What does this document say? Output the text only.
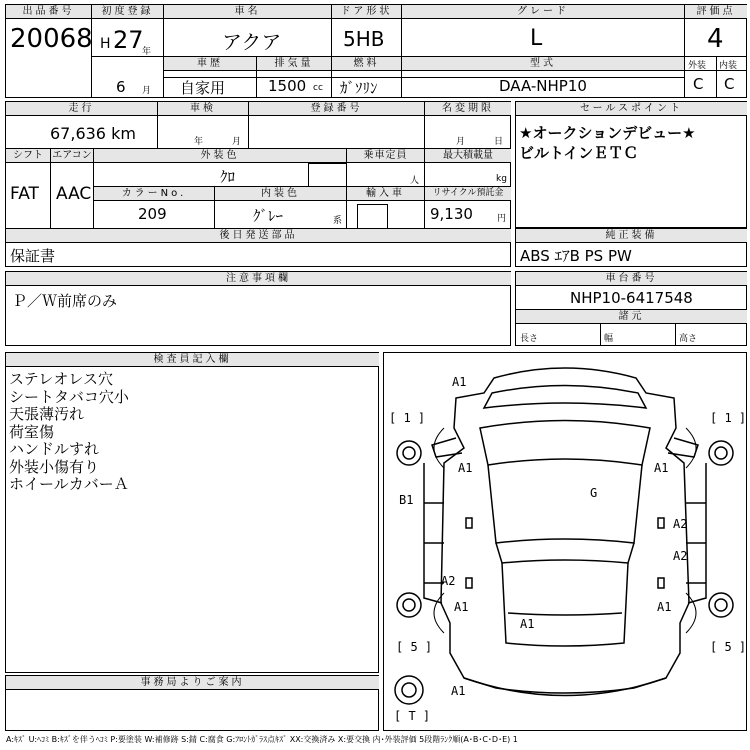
出品番号
20068
初度登録
H 27
年
6 月
車名
アクア
車歴
自家用
排気量
1500 cc
ドア形状
5HB
燃料
ｶﾞｿﾘﾝ
グレード
L
型式
DAA-NHP10
評価点
4
外装 内装
C C
走行
67,636 km
車検
年	月
登録番号	名変期限
月	日
シフト
FAT
エアコン
AAC
外装色
ｸﾛ
乗車定員
人
最大積載量
kg
カラーNo.
209
内装色
ｸﾞﾚｰ	系
輸入車	リサイクル預託金
9,130	円
後日発送部品
保証書
セールスポイント
★オークションデビュー★
ビルトインＥＴＣ
純正装備
ABS ｴｱB PS PW
注意事項欄
Ｐ／Ｗ前席のみ
車台番号
NHP10-6417548
諸元
長さ	幅	高さ
検査員記入欄
ステレオレス穴
シートタバコ穴小
天張薄汚れ
荷室傷
ハンドルすれ
外装小傷有り
ホイールカバーＡ
事務局よりご案内
A1
[ 1 ]	[ 1 ]
A1	A1
B1	G
A2
A2
A2
A1	A1
A1
[ 5 ]	[ 5 ]
A1
[ T ]
A:ｷｽﾞ U:ﾍｺﾐ B:ｷｽﾞを伴うﾍｺﾐ P:要塗装 W:補修跡 S:錆 C:腐食 G:ﾌﾛﾝﾄｶﾞﾗｽ点ｷｽﾞ XX:交換済み X:要交換 内･外装評価 5段階ﾗﾝｸ順(A･B･C･D･E) 1
